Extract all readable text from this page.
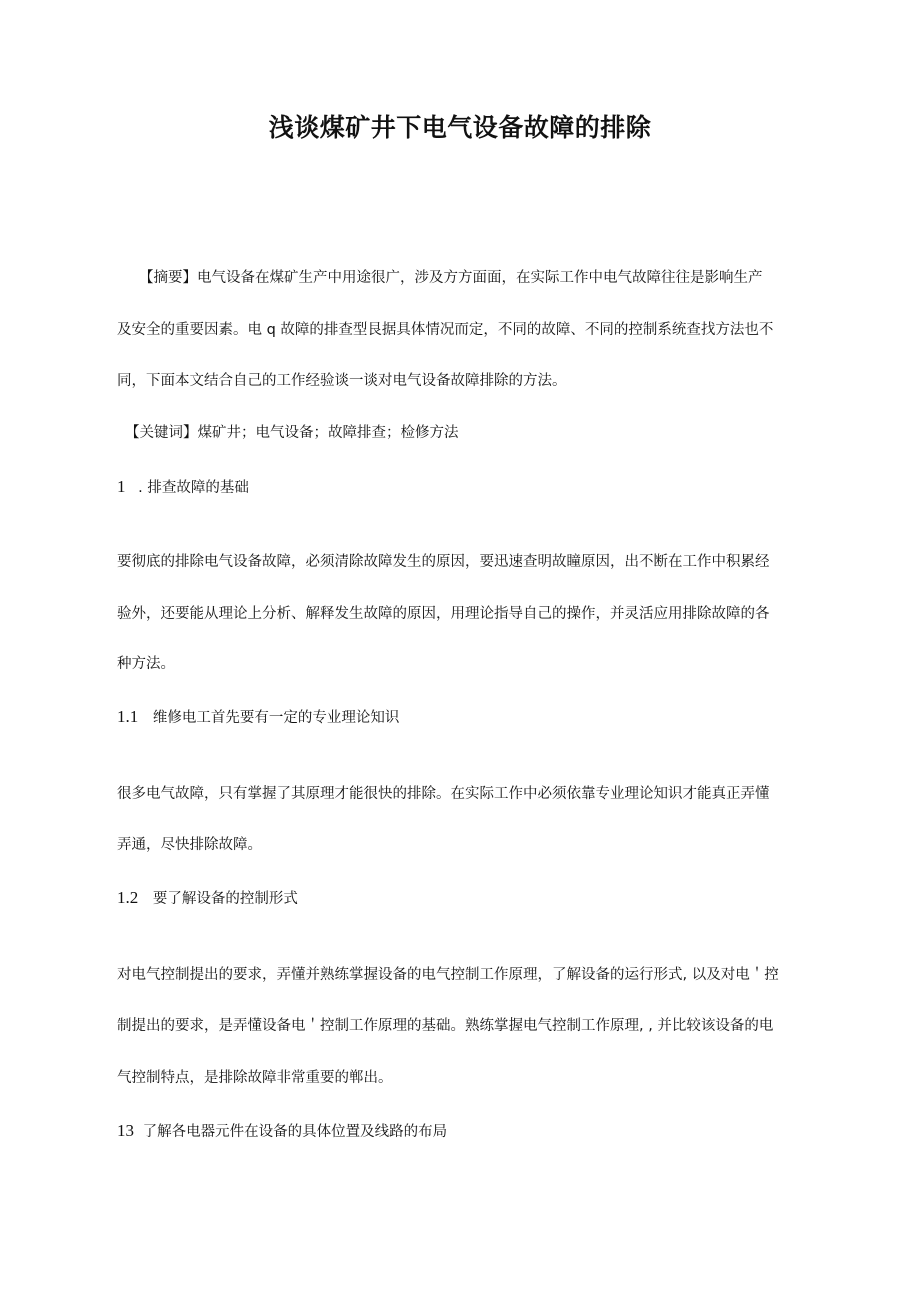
浅谈煤矿井下电气设备故障的排除
【摘要】电气设备在煤矿生产中用途很广，涉及方方面面，在实际工作中电气故障往往是影响生产
及安全的重要因素。电 q 故障的排查型艮据具体情况而定，不同的故障、不同的控制系统查找方法也不
同，下面本文结合自己的工作经验谈一谈对电气设备故障排除的方法。
【关键词】煤矿井；电气设备；故障排查；检修方法
1 . 排查故障的基础
要彻底的排除电气设备故障，必须清除故障发生的原因，要迅速查明故瞳原因，出不断在工作中积累经
验外，还要能从理论上分析、解释发生故障的原因，用理论指导自己的操作，并灵活应用排除故障的各
种方法。
1.1 维修电工首先要有一定的专业理论知识
很多电气故障，只有掌握了其原理才能很快的排除。在实际工作中必须依靠专业理论知识才能真正弄懂
弄通，尽快排除故障。
1.2 要了解设备的控制形式
对电气控制提出的要求，弄懂并熟练掌握设备的电气控制工作原理，了解设备的运行形式, 以及对电＇控
制提出的要求，是弄懂设备电＇控制工作原理的基础。熟练掌握电气控制工作原理, , 并比较该设备的电
气控制特点，是排除故障非常重要的郸出。
13 了解各电器元件在设备的具体位置及线路的布局
